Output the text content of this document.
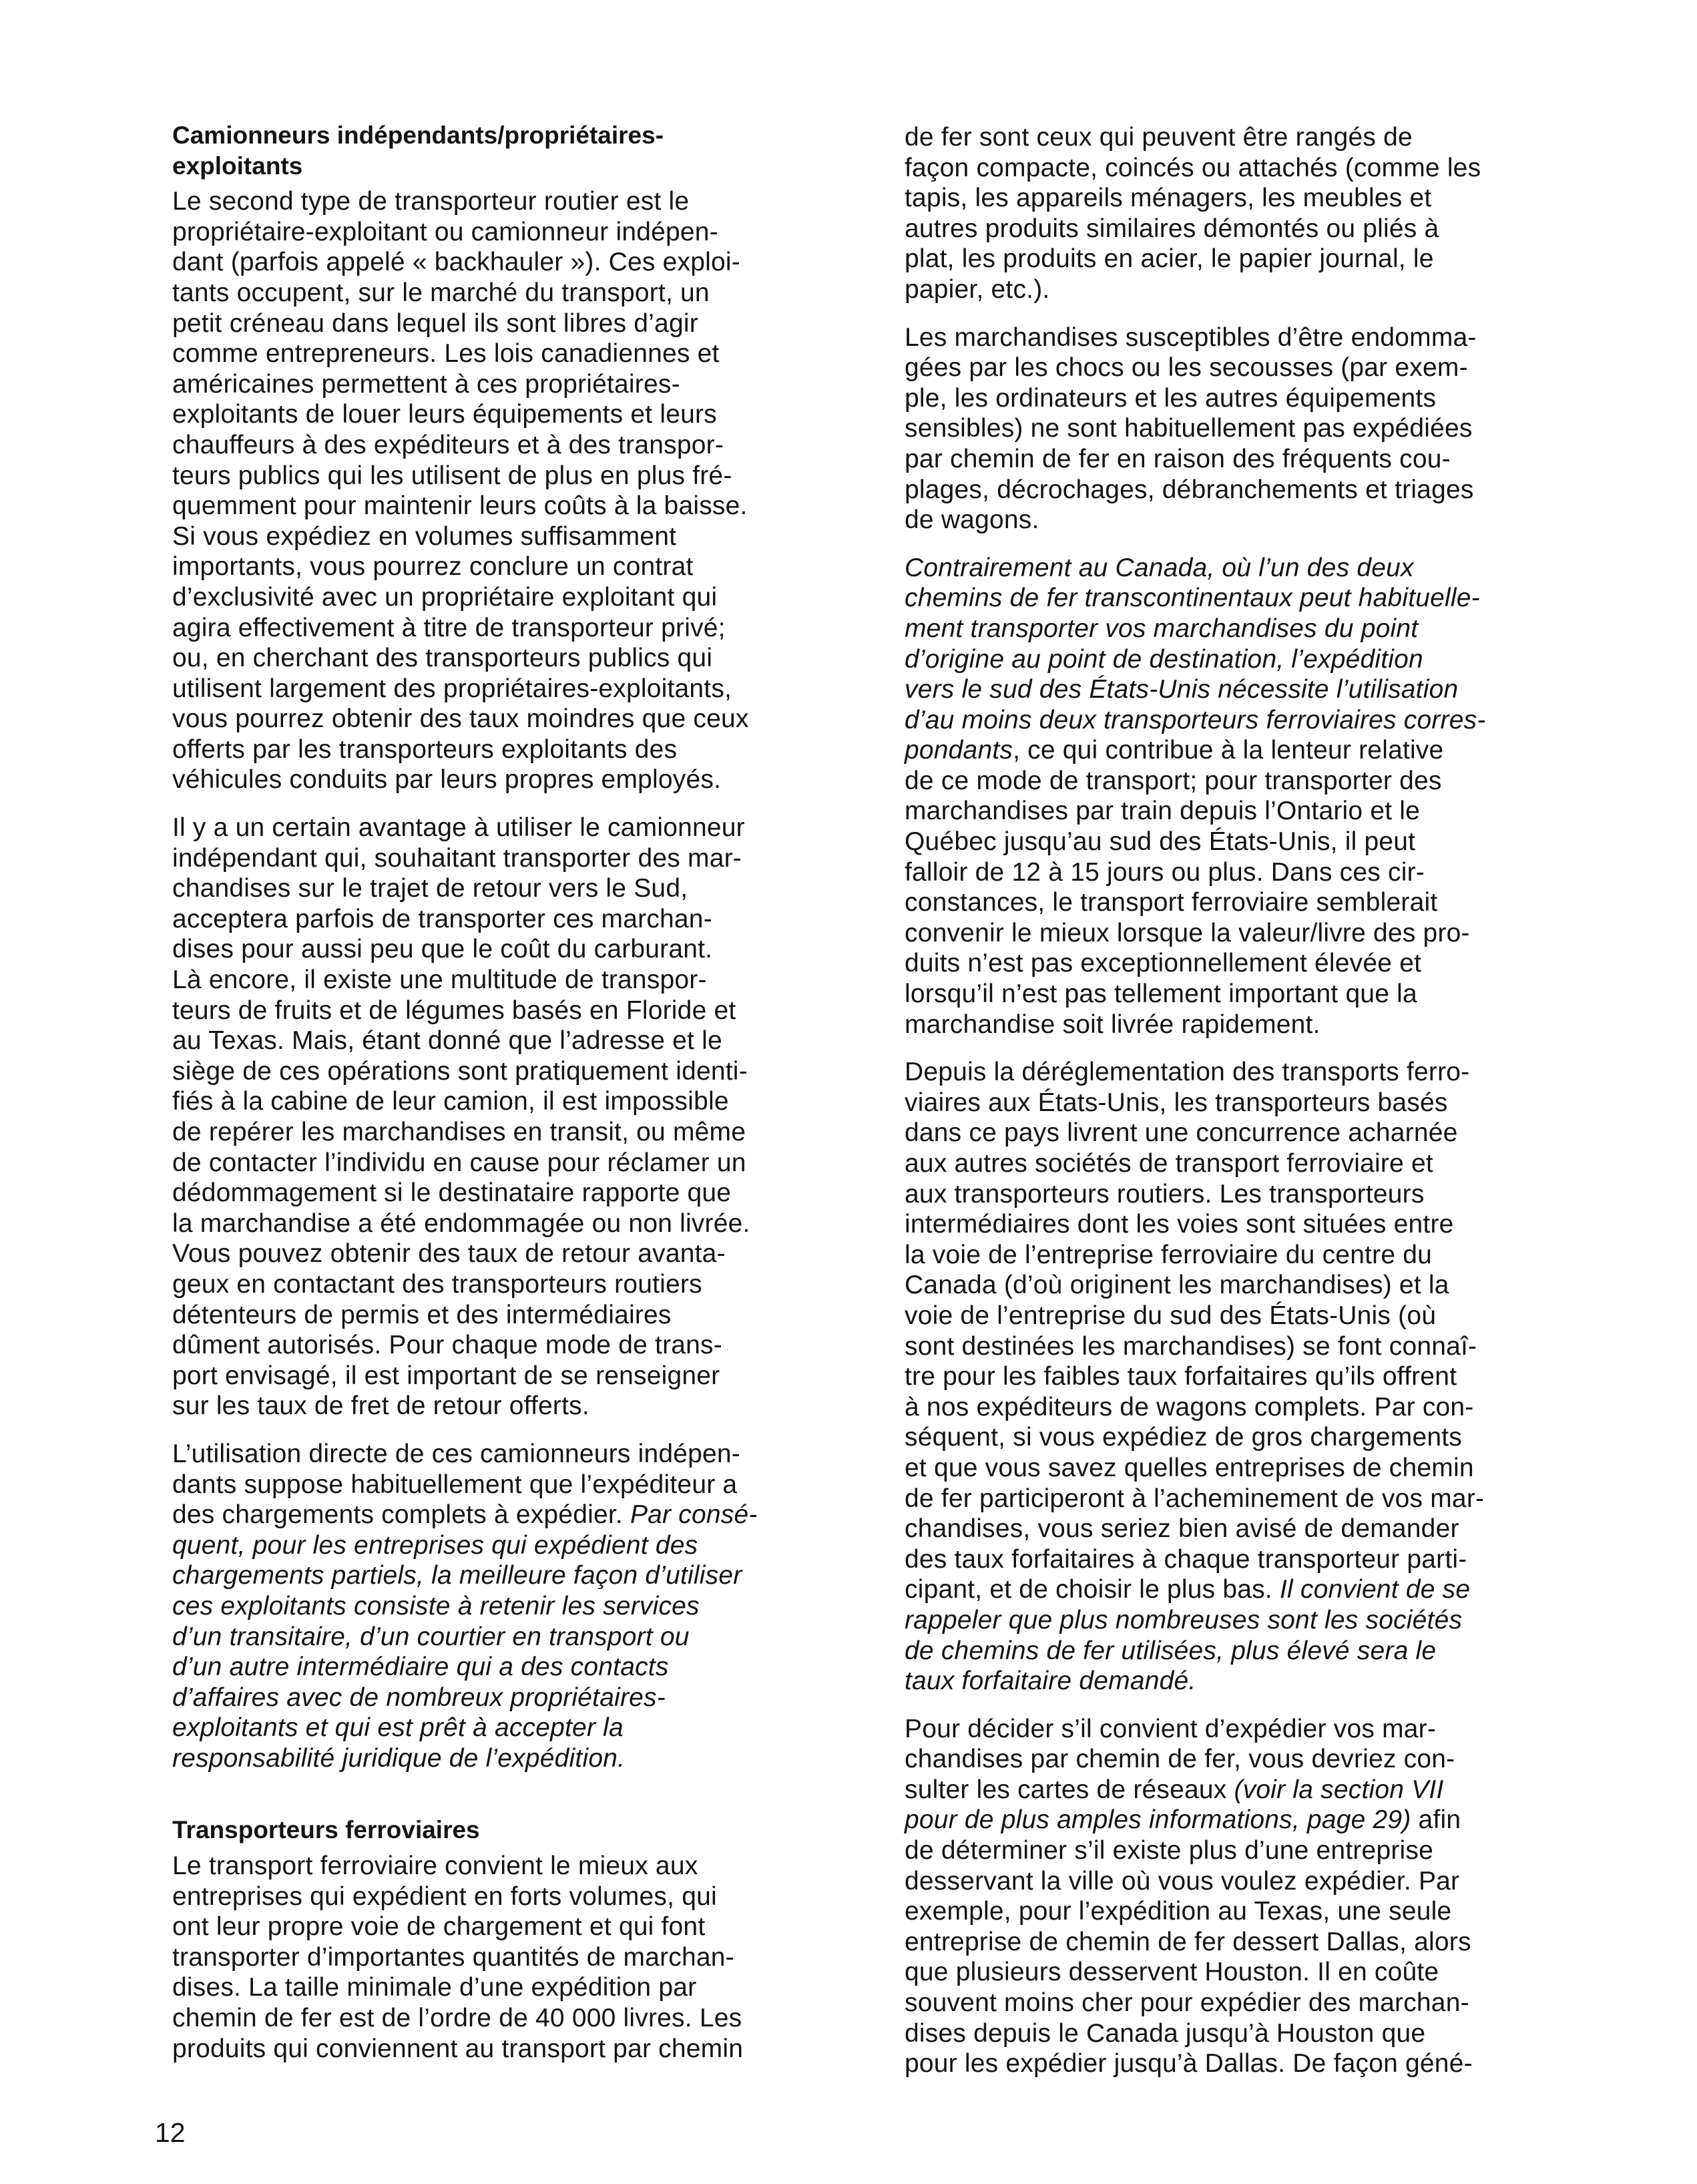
Camionneurs indépendants/propriétaires-
exploitants
Le second type de transporteur routier est le
propriétaire-exploitant ou camionneur indépen-
dant (parfois appelé « backhauler »). Ces exploi-
tants occupent, sur le marché du transport, un
petit créneau dans lequel ils sont libres d’agir
comme entrepreneurs. Les lois canadiennes et
américaines permettent à ces propriétaires-
exploitants de louer leurs équipements et leurs
chauffeurs à des expéditeurs et à des transpor-
teurs publics qui les utilisent de plus en plus fré-
quemment pour maintenir leurs coûts à la baisse.
Si vous expédiez en volumes suffisamment
importants, vous pourrez conclure un contrat
d’exclusivité avec un propriétaire exploitant qui
agira effectivement à titre de transporteur privé;
ou, en cherchant des transporteurs publics qui
utilisent largement des propriétaires-exploitants,
vous pourrez obtenir des taux moindres que ceux
offerts par les transporteurs exploitants des
véhicules conduits par leurs propres employés.
Il y a un certain avantage à utiliser le camionneur
indépendant qui, souhaitant transporter des mar-
chandises sur le trajet de retour vers le Sud,
acceptera parfois de transporter ces marchan-
dises pour aussi peu que le coût du carburant.
Là encore, il existe une multitude de transpor-
teurs de fruits et de légumes basés en Floride et
au Texas. Mais, étant donné que l’adresse et le
siège de ces opérations sont pratiquement identi-
fiés à la cabine de leur camion, il est impossible
de repérer les marchandises en transit, ou même
de contacter l’individu en cause pour réclamer un
dédommagement si le destinataire rapporte que
la marchandise a été endommagée ou non livrée.
Vous pouvez obtenir des taux de retour avanta-
geux en contactant des transporteurs routiers
détenteurs de permis et des intermédiaires
dûment autorisés. Pour chaque mode de trans-
port envisagé, il est important de se renseigner
sur les taux de fret de retour offerts.
L’utilisation directe de ces camionneurs indépen-
dants suppose habituellement que l’expéditeur a
des chargements complets à expédier. Par consé-
quent, pour les entreprises qui expédient des
chargements partiels, la meilleure façon d’utiliser
ces exploitants consiste à retenir les services
d’un transitaire, d’un courtier en transport ou
d’un autre intermédiaire qui a des contacts
d’affaires avec de nombreux propriétaires-
exploitants et qui est prêt à accepter la
responsabilité juridique de l’expédition.
Transporteurs ferroviaires
Le transport ferroviaire convient le mieux aux
entreprises qui expédient en forts volumes, qui
ont leur propre voie de chargement et qui font
transporter d’importantes quantités de marchan-
dises. La taille minimale d’une expédition par
chemin de fer est de l’ordre de 40 000 livres. Les
produits qui conviennent au transport par chemin
de fer sont ceux qui peuvent être rangés de
façon compacte, coincés ou attachés (comme les
tapis, les appareils ménagers, les meubles et
autres produits similaires démontés ou pliés à
plat, les produits en acier, le papier journal, le
papier, etc.).
Les marchandises susceptibles d’être endomma-
gées par les chocs ou les secousses (par exem-
ple, les ordinateurs et les autres équipements
sensibles) ne sont habituellement pas expédiées
par chemin de fer en raison des fréquents cou-
plages, décrochages, débranchements et triages
de wagons.
Contrairement au Canada, où l’un des deux
chemins de fer transcontinentaux peut habituelle-
ment transporter vos marchandises du point
d’origine au point de destination, l’expédition
vers le sud des États-Unis nécessite l’utilisation
d’au moins deux transporteurs ferroviaires corres-
pondants, ce qui contribue à la lenteur relative
de ce mode de transport; pour transporter des
marchandises par train depuis l’Ontario et le
Québec jusqu’au sud des États-Unis, il peut
falloir de 12 à 15 jours ou plus. Dans ces cir-
constances, le transport ferroviaire semblerait
convenir le mieux lorsque la valeur/livre des pro-
duits n’est pas exceptionnellement élevée et
lorsqu’il n’est pas tellement important que la
marchandise soit livrée rapidement.
Depuis la déréglementation des transports ferro-
viaires aux États-Unis, les transporteurs basés
dans ce pays livrent une concurrence acharnée
aux autres sociétés de transport ferroviaire et
aux transporteurs routiers. Les transporteurs
intermédiaires dont les voies sont situées entre
la voie de l’entreprise ferroviaire du centre du
Canada (d’où originent les marchandises) et la
voie de l’entreprise du sud des États-Unis (où
sont destinées les marchandises) se font connaî-
tre pour les faibles taux forfaitaires qu’ils offrent
à nos expéditeurs de wagons complets. Par con-
séquent, si vous expédiez de gros chargements
et que vous savez quelles entreprises de chemin
de fer participeront à l’acheminement de vos mar-
chandises, vous seriez bien avisé de demander
des taux forfaitaires à chaque transporteur parti-
cipant, et de choisir le plus bas. Il convient de se
rappeler que plus nombreuses sont les sociétés
de chemins de fer utilisées, plus élevé sera le
taux forfaitaire demandé.
Pour décider s’il convient d’expédier vos mar-
chandises par chemin de fer, vous devriez con-
sulter les cartes de réseaux (voir la section VII
pour de plus amples informations, page 29) afin
de déterminer s’il existe plus d’une entreprise
desservant la ville où vous voulez expédier. Par
exemple, pour l’expédition au Texas, une seule
entreprise de chemin de fer dessert Dallas, alors
que plusieurs desservent Houston. Il en coûte
souvent moins cher pour expédier des marchan-
dises depuis le Canada jusqu’à Houston que
pour les expédier jusqu’à Dallas. De façon géné-
12
